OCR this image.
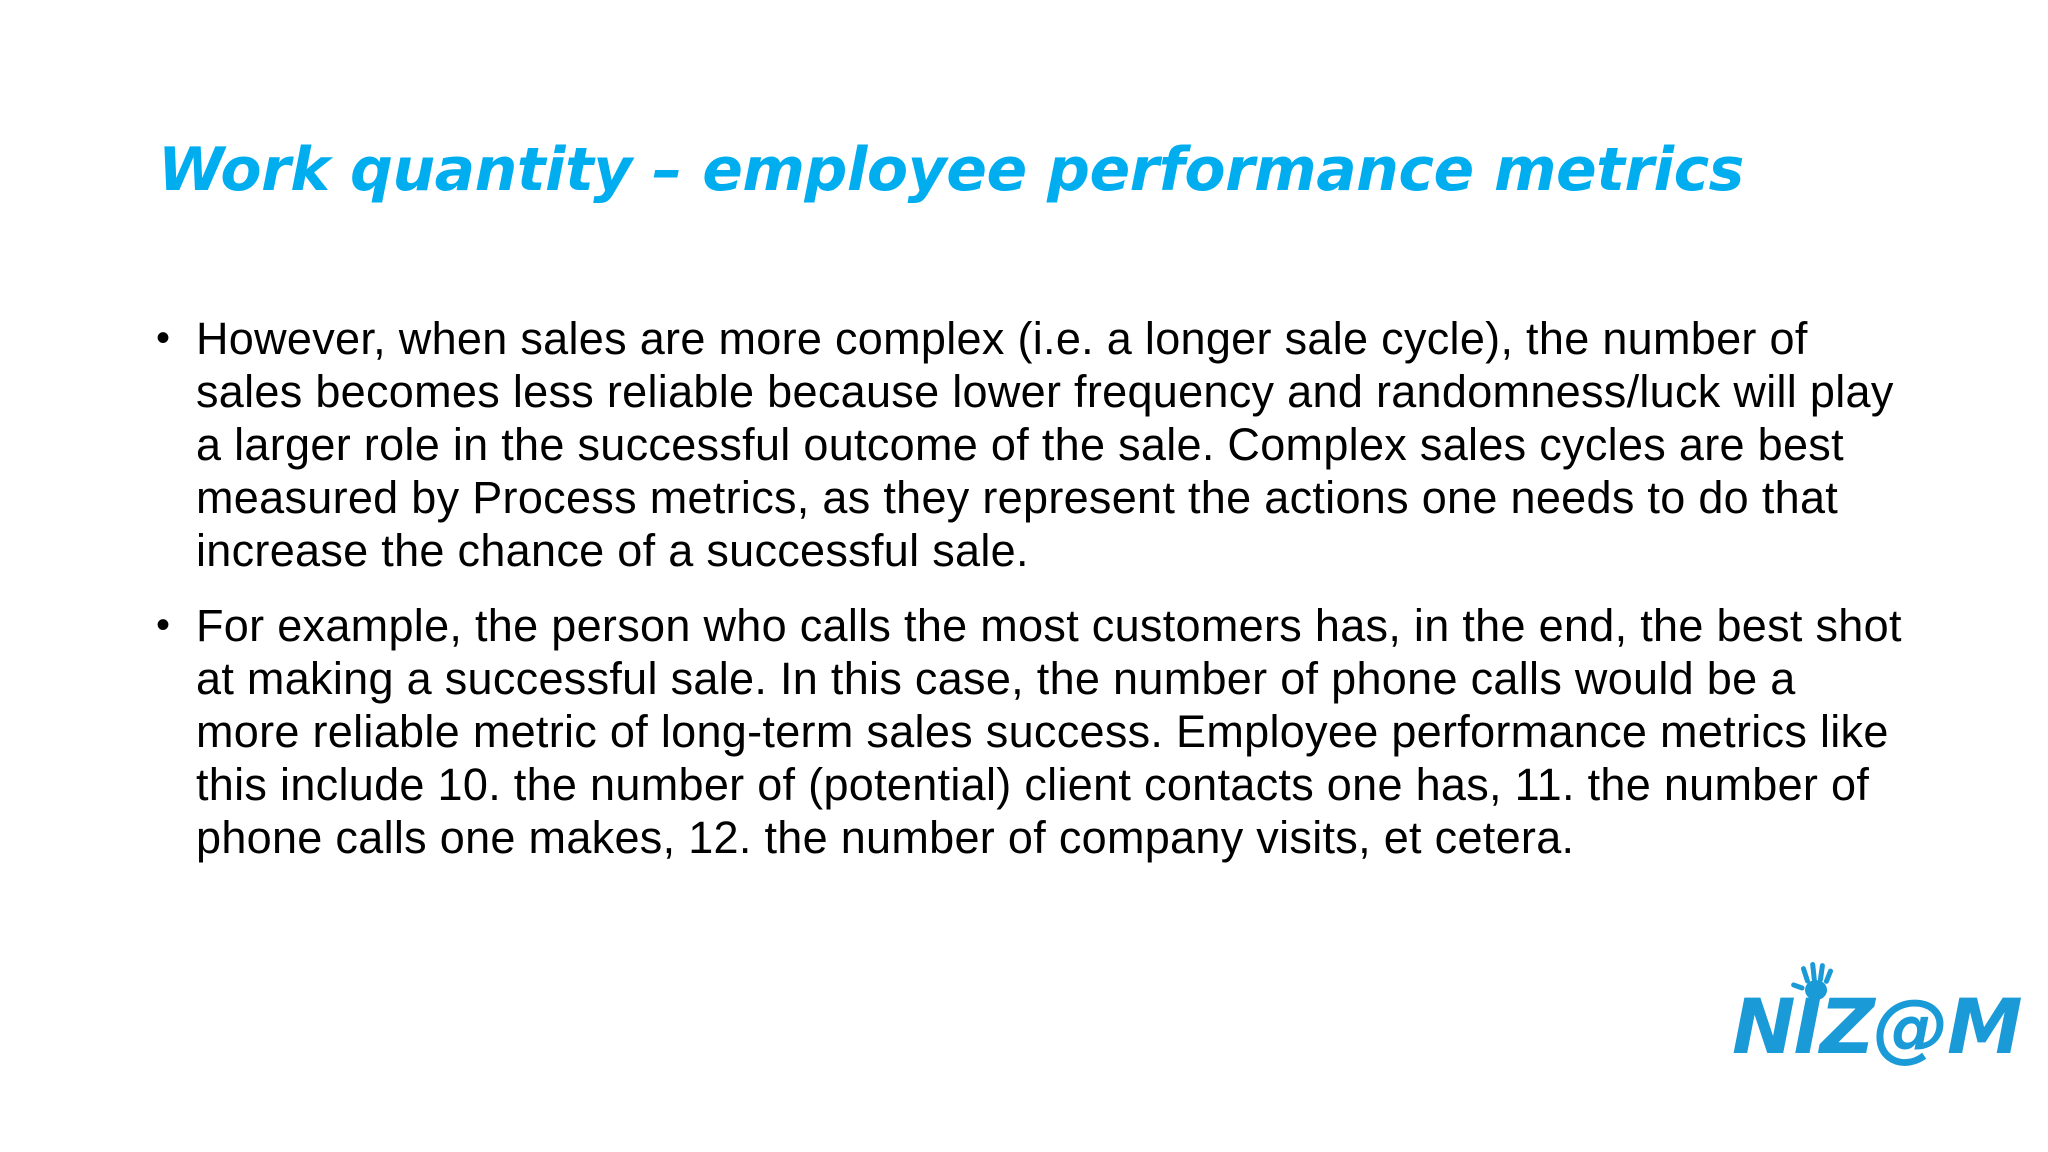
Work quantity – employee performance metrics
• However, when sales are more complex (i.e. a longer sale cycle), the number of sales becomes less reliable because lower frequency and randomness/luck will play a larger role in the successful outcome of the sale. Complex sales cycles are best measured by Process metrics, as they represent the actions one needs to do that increase the chance of a successful sale.
• For example, the person who calls the most customers has, in the end, the best shot at making a successful sale. In this case, the number of phone calls would be a more reliable metric of long-term sales success. Employee performance metrics like this include 10. the number of (potential) client contacts one has, 11. the number of phone calls one makes, 12. the number of company visits, et cetera.
NIZ@M
